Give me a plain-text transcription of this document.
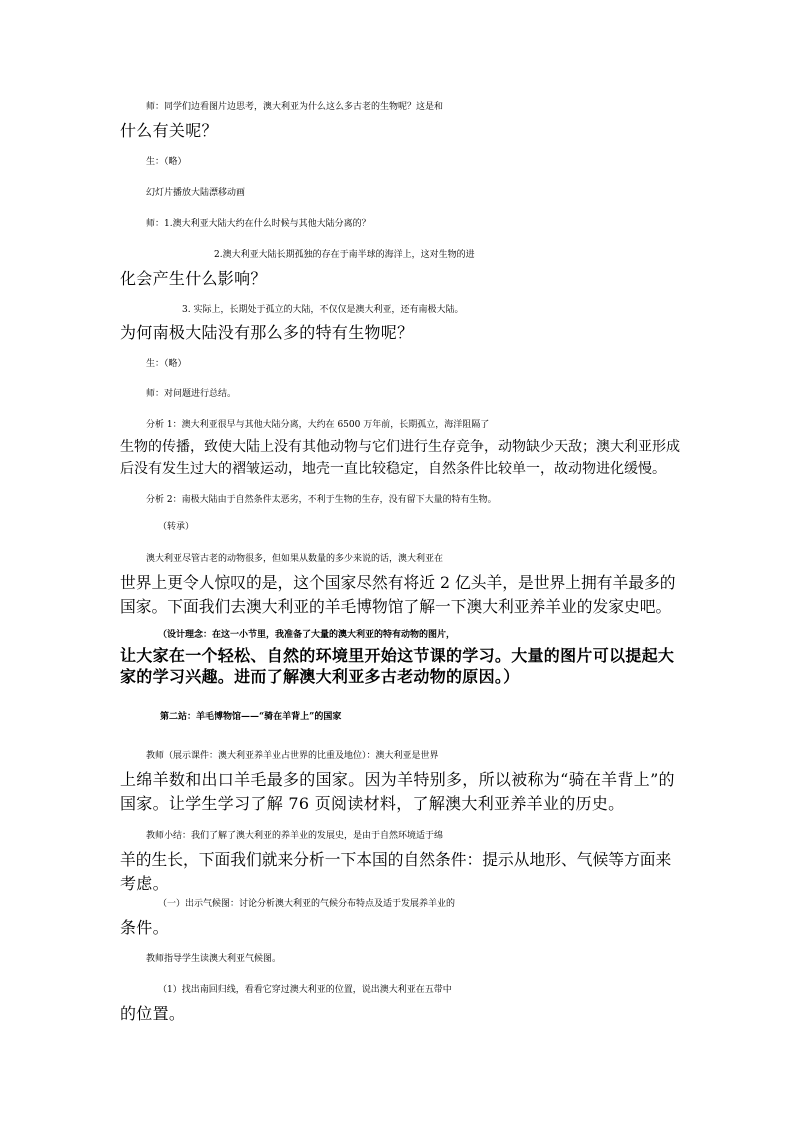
师：同学们边看图片边思考，澳大利亚为什么这么多古老的生物呢？这是和
什么有关呢？
生：（略）
幻灯片播放大陆漂移动画
师：1.澳大利亚大陆大约在什么时候与其他大陆分离的？
2.澳大利亚大陆长期孤独的存在于南半球的海洋上，这对生物的进
化会产生什么影响？
3. 实际上，长期处于孤立的大陆，不仅仅是澳大利亚，还有南极大陆。
为何南极大陆没有那么多的特有生物呢？
生：（略）
师：对问题进行总结。
分析 1：澳大利亚很早与其他大陆分离，大约在 6500 万年前，长期孤立，海洋阻隔了
生物的传播，致使大陆上没有其他动物与它们进行生存竞争，动物缺少天敌；澳大利亚形成
后没有发生过大的褶皱运动，地壳一直比较稳定，自然条件比较单一，故动物进化缓慢。
分析 2：南极大陆由于自然条件太恶劣，不利于生物的生存，没有留下大量的特有生物。
（转承）
澳大利亚尽管古老的动物很多，但如果从数量的多少来说的话，澳大利亚在
世界上更令人惊叹的是，这个国家尽然有将近 2 亿头羊，是世界上拥有羊最多的
国家。下面我们去澳大利亚的羊毛博物馆了解一下澳大利亚养羊业的发家史吧。
（设计理念：在这一小节里，我准备了大量的澳大利亚的特有动物的图片，
让大家在一个轻松、自然的环境里开始这节课的学习。大量的图片可以提起大
家的学习兴趣。进而了解澳大利亚多古老动物的原因。）
第二站：羊毛博物馆——“骑在羊背上”的国家
教师（展示课件：澳大利亚养羊业占世界的比重及地位）：澳大利亚是世界
上绵羊数和出口羊毛最多的国家。因为羊特别多，所以被称为“骑在羊背上”的
国家。让学生学习了解 76 页阅读材料，了解澳大利亚养羊业的历史。
教师小结：我们了解了澳大利亚的养羊业的发展史，是由于自然环境适于绵
羊的生长，下面我们就来分析一下本国的自然条件：提示从地形、气候等方面来
考虑。
（一）出示气候图：讨论分析澳大利亚的气候分布特点及适于发展养羊业的
条件。
教师指导学生读澳大利亚气候图。
（1）找出南回归线，看看它穿过澳大利亚的位置，说出澳大利亚在五带中
的位置。
